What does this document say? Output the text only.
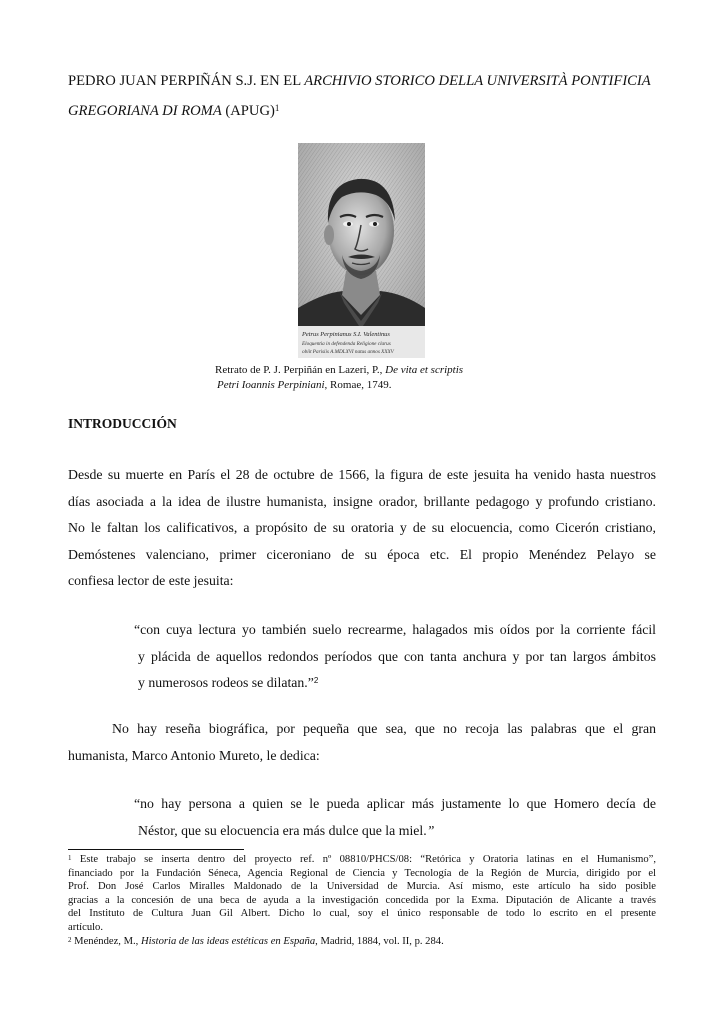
PEDRO JUAN PERPIÑÁN S.J. EN EL ARCHIVIO STORICO DELLA UNIVERSITÀ PONTIFICIA
GREGORIANA DI ROMA (APUG)$^1$
Petrus Perpinianus S.I. Valentinus
Eloquentia in defendenda Religione clarus
obiit Parisiis A.MDLXVI natus annos XXXV
Retrato de P. J. Perpiñán en Lazeri, P., De vita et scriptis
Petri Ioannis Perpiniani, Romae, 1749.
INTRODUCCIÓN
Desde su muerte en París el 28 de octubre de 1566, la figura de este jesuita ha venido hasta nuestros
días asociada a la idea de ilustre humanista, insigne orador, brillante pedagogo y profundo cristiano.
No le faltan los calificativos, a propósito de su oratoria y de su elocuencia, como Cicerón cristiano,
Demóstenes valenciano, primer ciceroniano de su época etc. El propio Menéndez Pelayo se
confiesa lector de este jesuita:
“con cuya lectura yo también suelo recrearme, halagados mis oídos por la corriente fácil
y plácida de aquellos redondos períodos que con tanta anchura y por tan largos ámbitos
y numerosos rodeos se dilatan.”$^2$
No hay reseña biográfica, por pequeña que sea, que no recoja las palabras que el gran
humanista, Marco Antonio Mureto, le dedica:
“no hay persona a quien se le pueda aplicar más justamente lo que Homero decía de
Néstor, que su elocuencia era más dulce que la miel.”
$^1$ Este trabajo se inserta dentro del proyecto ref. nº 08810/PHCS/08: “Retórica y Oratoria latinas en el Humanismo”,
financiado por la Fundación Séneca, Agencia Regional de Ciencia y Tecnología de la Región de Murcia, dirigido por el
Prof. Don José Carlos Miralles Maldonado de la Universidad de Murcia. Así mismo, este artículo ha sido posible
gracias a la concesión de una beca de ayuda a la investigación concedida por la Exma. Diputación de Alicante a través
del Instituto de Cultura Juan Gil Albert. Dicho lo cual, soy el único responsable de todo lo escrito en el presente
artículo.
$^2$ Menéndez, M., Historia de las ideas estéticas en España, Madrid, 1884, vol. II, p. 284.
